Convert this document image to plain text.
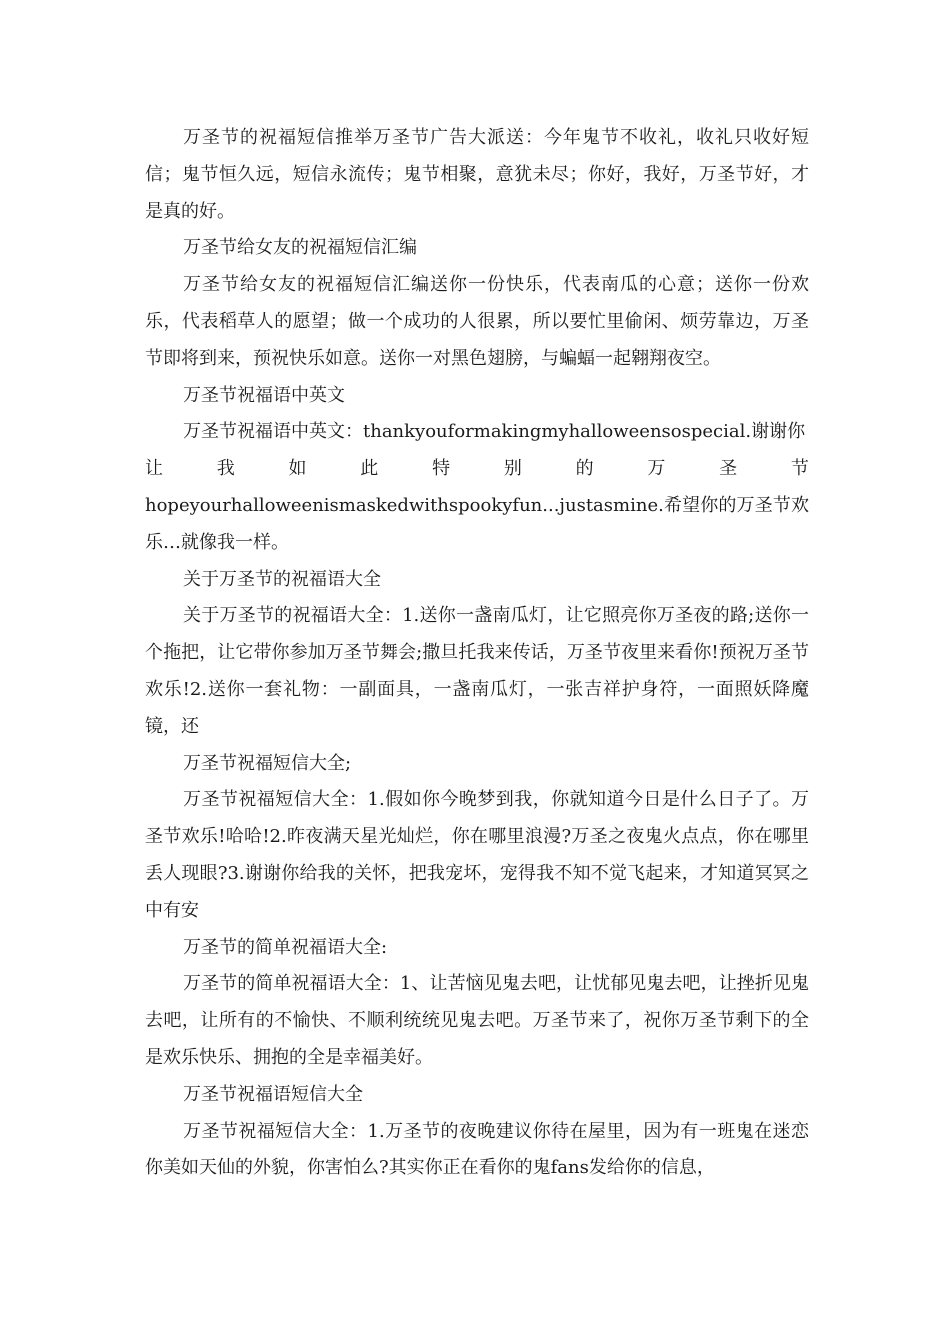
万圣节的祝福短信推举万圣节广告大派送：今年鬼节不收礼，收礼只收好短信；鬼节恒久远，短信永流传；鬼节相聚，意犹未尽；你好，我好，万圣节好，才是真的好。

万圣节给女友的祝福短信汇编

万圣节给女友的祝福短信汇编送你一份快乐，代表南瓜的心意；送你一份欢乐，代表稻草人的愿望；做一个成功的人很累，所以要忙里偷闲、烦劳靠边，万圣节即将到来，预祝快乐如意。送你一对黑色翅膀，与蝙蝠一起翱翔夜空。

万圣节祝福语中英文

万圣节祝福语中英文：thankyouformakingmyhalloweensospecial.谢谢你

让	我	如	此	特	别	的	万	圣	节

hopeyourhalloweenismaskedwithspookyfun...justasmine.希望你的万圣节欢乐…就像我一样。

关于万圣节的祝福语大全

关于万圣节的祝福语大全：1.送你一盏南瓜灯，让它照亮你万圣夜的路;送你一个拖把，让它带你参加万圣节舞会;撒旦托我来传话，万圣节夜里来看你!预祝万圣节欢乐!2.送你一套礼物：一副面具，一盏南瓜灯，一张吉祥护身符，一面照妖降魔镜，还

万圣节祝福短信大全;

万圣节祝福短信大全：1.假如你今晚梦到我，你就知道今日是什么日子了。万圣节欢乐!哈哈!2.昨夜满天星光灿烂，你在哪里浪漫?万圣之夜鬼火点点，你在哪里丢人现眼?3.谢谢你给我的关怀，把我宠坏，宠得我不知不觉飞起来，才知道冥冥之中有安

万圣节的简单祝福语大全:

万圣节的简单祝福语大全：1、让苦恼见鬼去吧，让忧郁见鬼去吧，让挫折见鬼去吧，让所有的不愉快、不顺利统统见鬼去吧。万圣节来了，祝你万圣节剩下的全是欢乐快乐、拥抱的全是幸福美好。

万圣节祝福语短信大全

万圣节祝福短信大全：1.万圣节的夜晚建议你待在屋里，因为有一班鬼在迷恋你美如天仙的外貌，你害怕么?其实你正在看你的鬼fans发给你的信息，
